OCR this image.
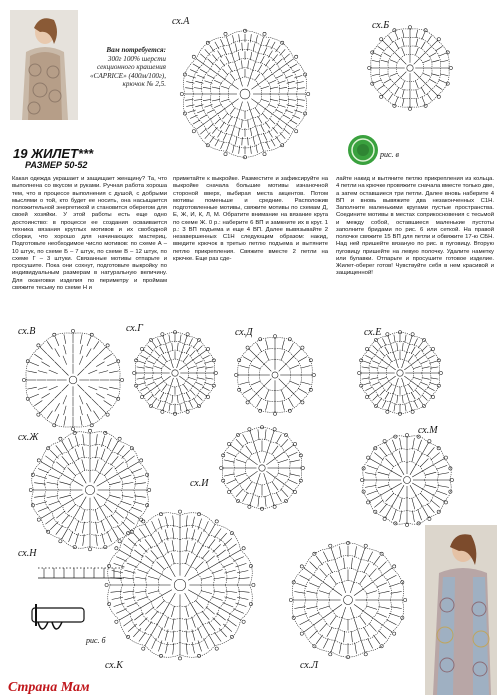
Вам потребуется:
300г 100% шерсти
секционного крашения
«CAPRICE» (400м/100г),
крючок № 2,5.
19 ЖИЛЕТ***
РАЗМЕР 50-52
Какая одежда украшает и защищает женщину? Та, что выполнена со вкусом и руками. Ручная работа хороша тем, что в процессе выполнения с душой, с добрыми мыслями о той, кто будет ее носить, она насыщается положительной энергетикой и становится оберегом для своей хозяйки. У этой работы есть еще одно достоинство: в процессе ее создания осваивается техника вязания круглых мотивов и их свободной сборки, что хорошо для начинающих мастериц. Подготовьте необходимое число мотивов: по схеме А – 10 штук, по схеме Б – 7 штук, по схеме В – 12 штук, по схеме Г – 3 штуки. Связанные мотивы отпарьте и просушите. Пока они сохнут, подготовьте выкройку по индивидуальным размерам в натуральную величину. Для оканговки изделия по периметру и проймам свяжите тесьму по схеме Н и
приметайте к выкройке. Разместите и зафиксируйте на выкройке сначала большие мотивы изнаночной стороной вверх, выбирая места акцентов. Потом мотивы поменьше и средние. Расположив подготовленные мотивы, свяжите мотивы по схемам Д, Е, Ж, И, К, Л, М. Обратите внимание на вязание круга по схеме Ж. 0 р.: наберите 6 ВП и замкните их в круг. 1 р.: 3 ВП подъема и еще 4 ВП. Далее вывязывайте 2 незавершенных С1Н следующим образом: накид, введите крючок в третью петлю подъема и вытяните петлю прикрепления. Свяжите вместе 2 петли на крючке. Еще раз сде-
лайте накид и вытяните петлю прикрепления из кольца. 4 петли на крючке провяжите сначала вместе только две, а затем оставшиеся три петли. Далее вновь наберите 4 ВП и вновь вывяжите два незаконченных С1Н. Заполните маленькими кругами пустые пространства. Соедините мотивы в местах соприкосновения с тесьмой и между собой, оставшиеся маленькие пустоты заполните бридами по рис. 6 или сеткой. На правой полочке свяжите 15 ВП для петли и обвяжите 17-ю СБН. Над ней пришейте вязаную по рис. в пуговицу. Вторую пуговицу пришейте на левую полочку. Удалите наметку или булавки. Отпарьте и просушите готовое изделие. Жилет-оберег готов! Чувствуйте себя в нем красивой и защищенной!
сх.А	сх.Б
рис. в
сх.В	сх.Г	сх.Д	сх.Е
сх.Ж
сх.И
сх.М
сх.Н
рис. б
сх.К	сх.Л
Страна Мам
